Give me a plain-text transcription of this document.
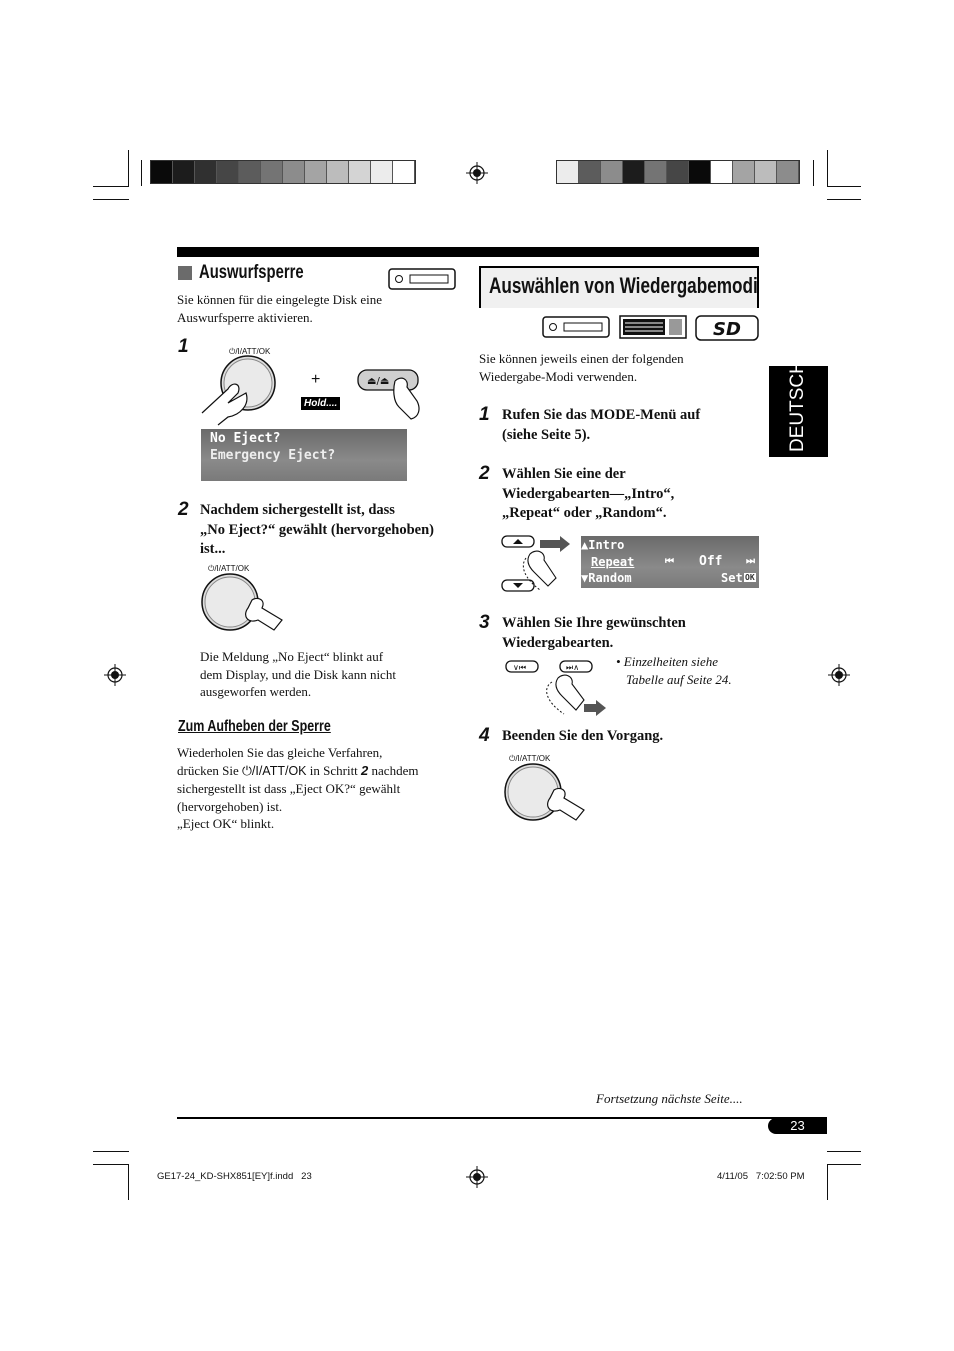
Auswurfsperre
Sie können für die eingelegte Disk eine
Auswurfsperre aktivieren.
1	⏻/I/ATT/OK
+
Hold....
⏏/⏏
No Eject?
Emergency Eject?
2 Nachdem sichergestellt ist, dass
„No Eject?“ gewählt (hervorgehoben)
ist...
⏻/I/ATT/OK
Die Meldung „No Eject“ blinkt auf
dem Display, und die Disk kann nicht
ausgeworfen werden.
Zum Aufheben der Sperre
Wiederholen Sie das gleiche Verfahren,
drücken Sie ⏻/I/ATT/OK in Schritt 2 nachdem
sichergestellt ist dass „Eject OK?“ gewählt
(hervorgehoben) ist.
„Eject OK“ blinkt.
Auswählen von Wiedergabemodi
SD
Sie können jeweils einen der folgenden
Wiedergabe-Modi verwenden.
1 Rufen Sie das MODE-Menü auf
(siehe Seite 5).
2 Wählen Sie eine der
Wiedergabearten—„Intro“,
„Repeat“ oder „Random“.
▲Intro
Repeat
▼Random
⏮ Off ⏭
Set OK
3 Wählen Sie Ihre gewünschten
Wiedergabearten.
∨⏮	⏭∧	• Einzelheiten siehe
Tabelle auf Seite 24.
4 Beenden Sie den Vorgang.
⏻/I/ATT/OK
DEUTSCH
Fortsetzung nächste Seite....
23
GE17-24_KD-SHX851[EY]f.indd   23	4/11/05   7:02:50 PM
